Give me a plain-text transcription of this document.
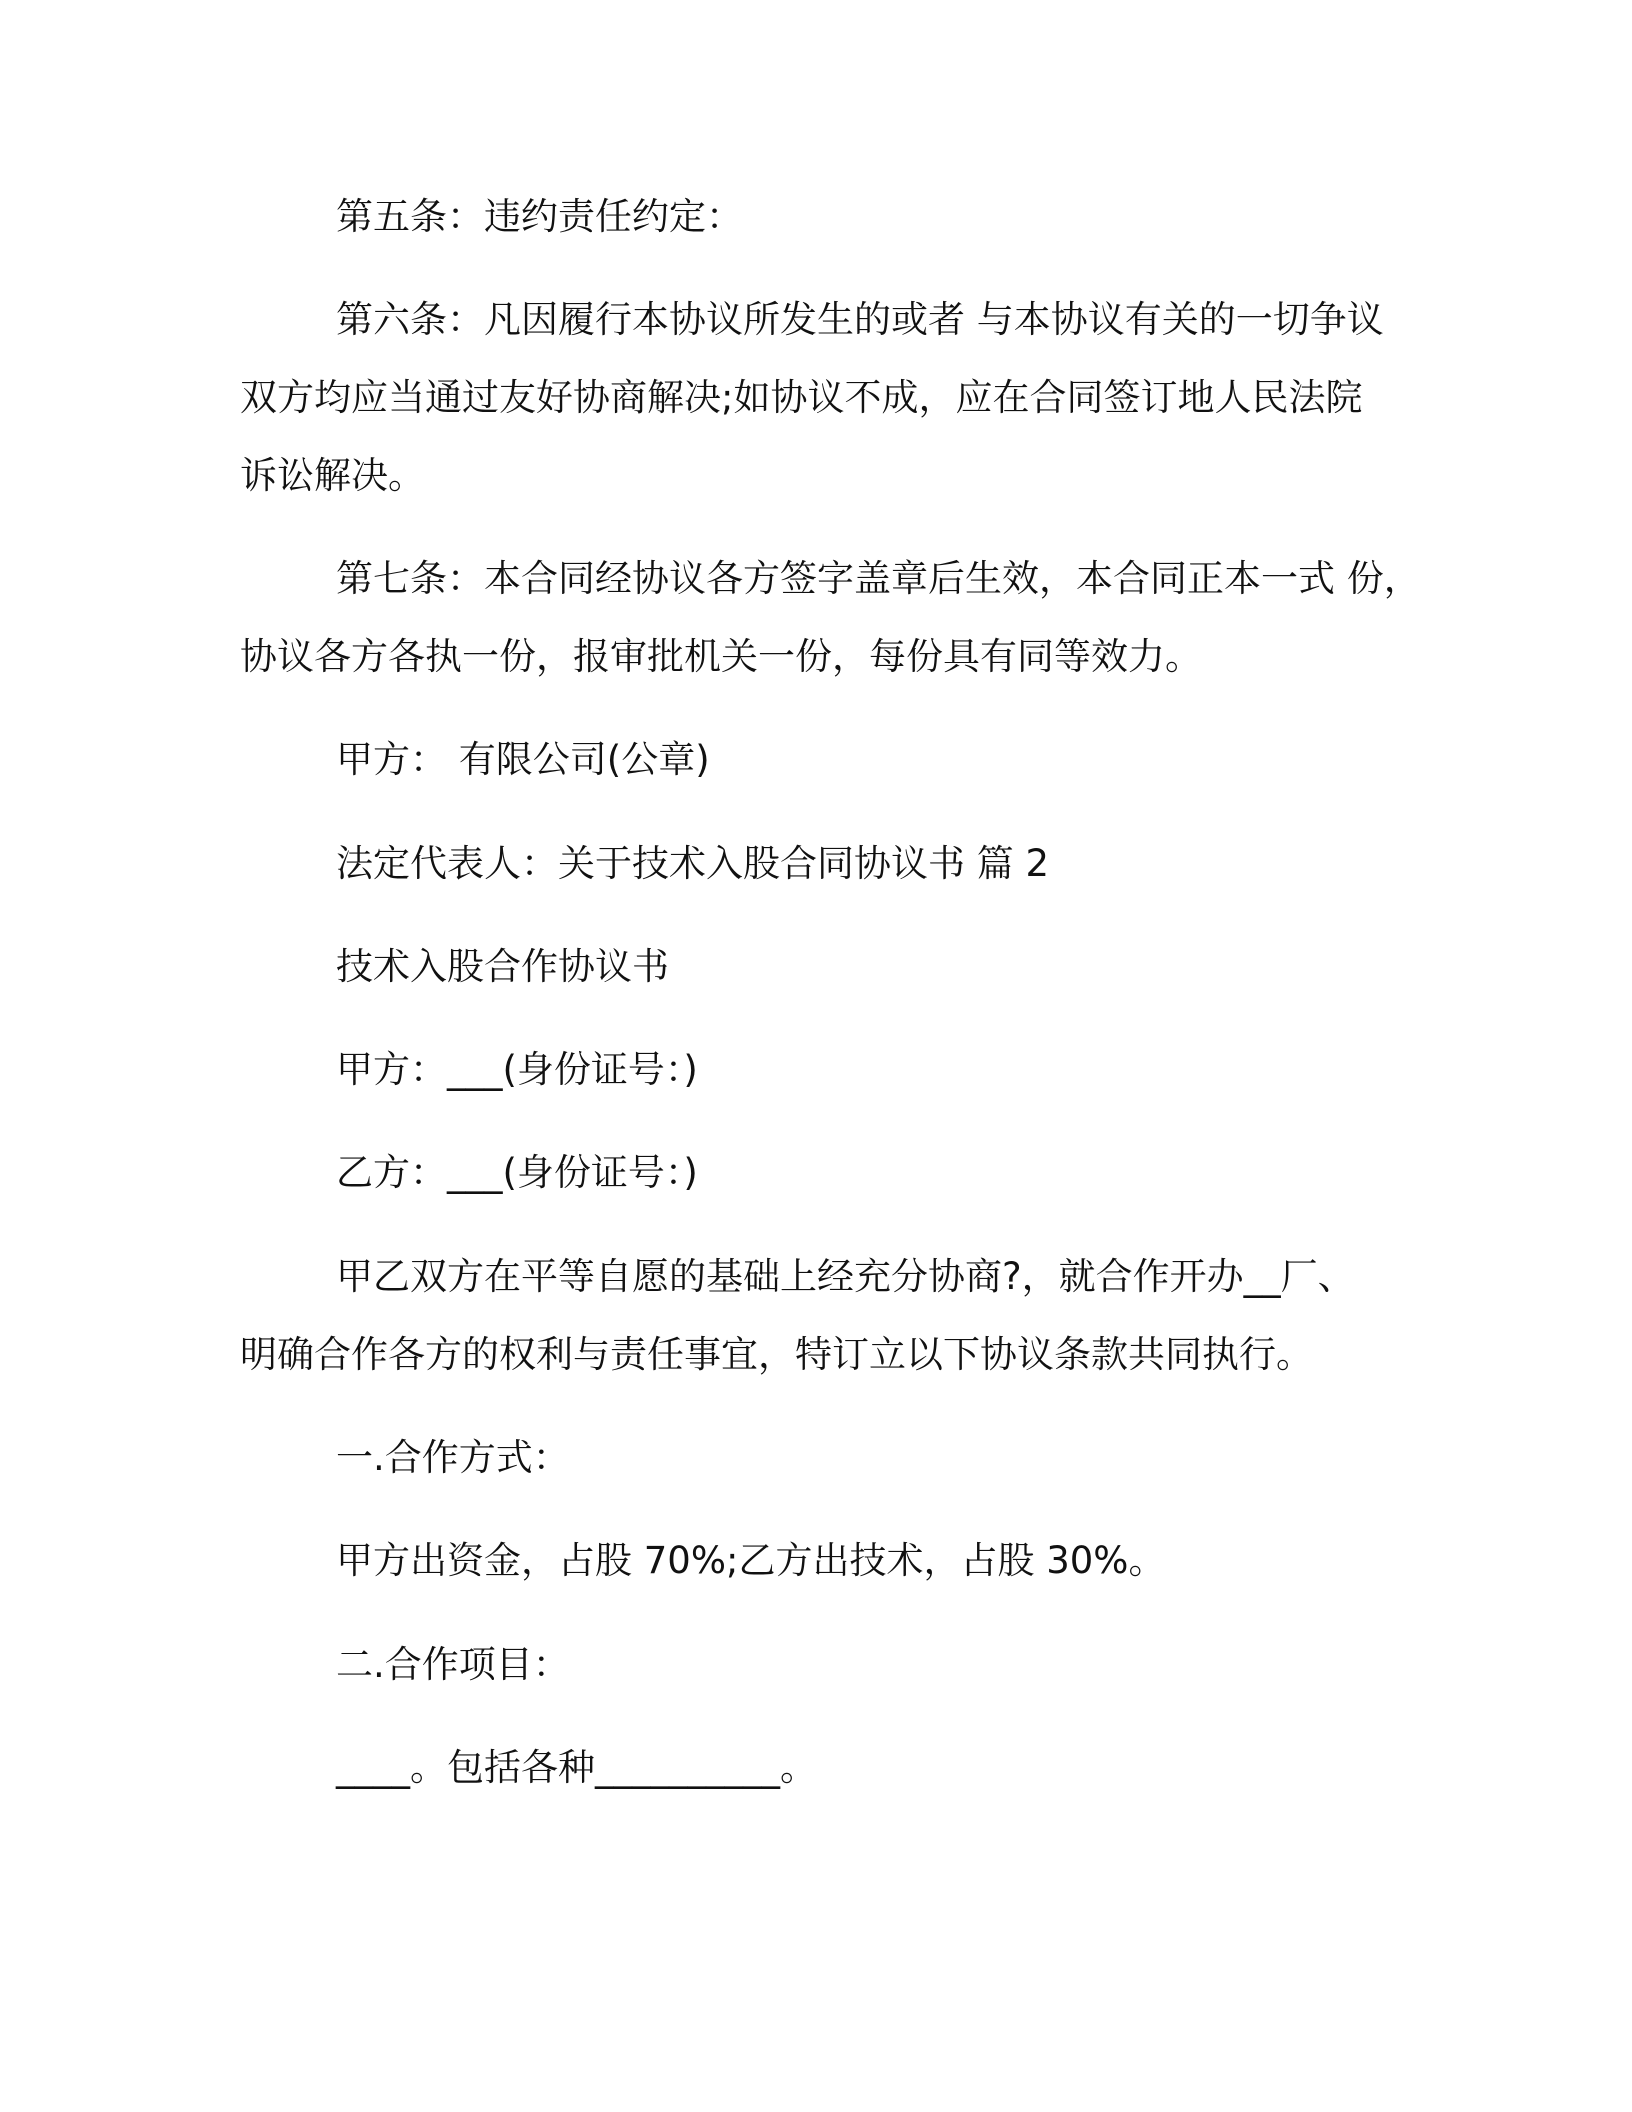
第五条：违约责任约定：

第六条：凡因履行本协议所发生的或者 与本协议有关的一切争议
双方均应当通过友好协商解决;如协议不成，应在合同签订地人民法院
诉讼解决。
第七条：本合同经协议各方签字盖章后生效，本合同正本一式 份，
协议各方各执一份，报审批机关一份，每份具有同等效力。

甲方： 有限公司(公章)

法定代表人：关于技术入股合同协议书 篇 2

技术入股合作协议书

甲方：___(身份证号：)

乙方：___(身份证号：)

甲乙双方在平等自愿的基础上经充分协商?，就合作开办__厂、
明确合作各方的权利与责任事宜，特订立以下协议条款共同执行。

一.合作方式：

甲方出资金，占股 70%;乙方出技术，占股 30%。

二.合作项目：

____。包括各种__________。
